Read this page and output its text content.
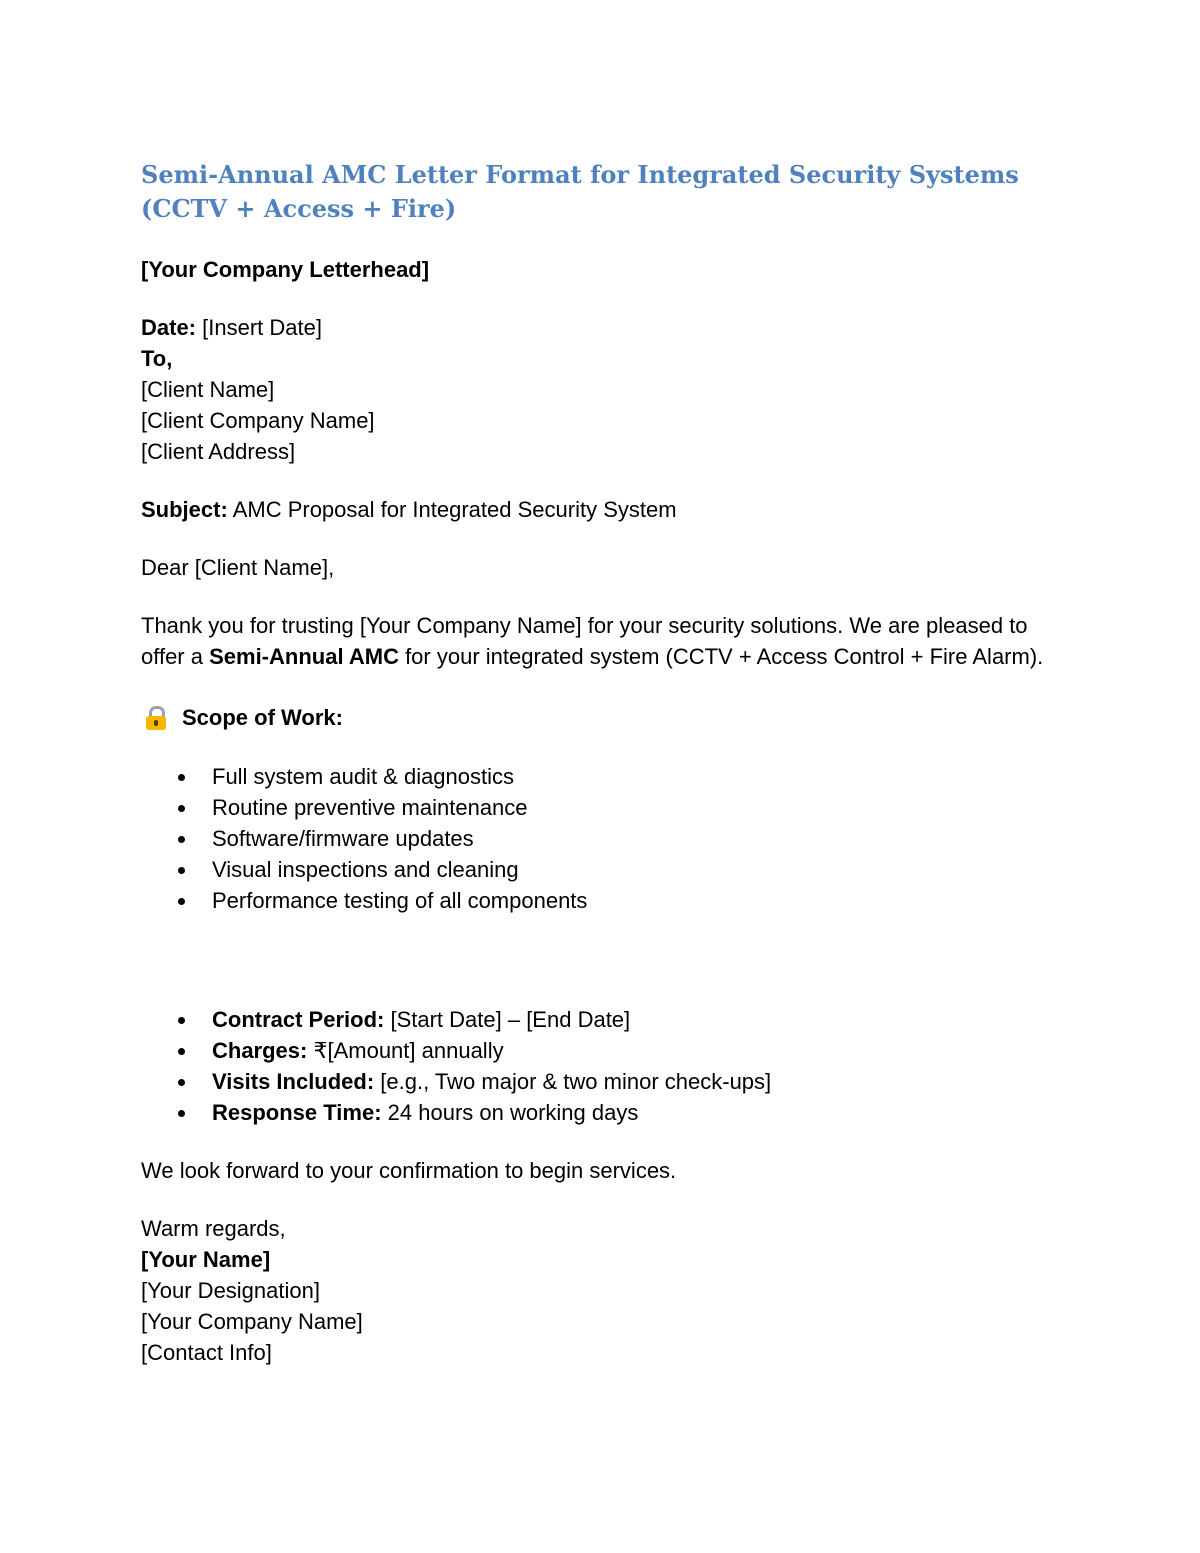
Semi-Annual AMC Letter Format for Integrated Security Systems (CCTV + Access + Fire)

[Your Company Letterhead]

Date: [Insert Date]
To,
[Client Name]
[Client Company Name]
[Client Address]

Subject: AMC Proposal for Integrated Security System

Dear [Client Name],

Thank you for trusting [Your Company Name] for your security solutions. We are pleased to offer a Semi-Annual AMC for your integrated system (CCTV + Access Control + Fire Alarm).

Scope of Work:
Full system audit & diagnostics
Routine preventive maintenance
Software/firmware updates
Visual inspections and cleaning
Performance testing of all components
Contract Period: [Start Date] – [End Date]
Charges: ₹[Amount] annually
Visits Included: [e.g., Two major & two minor check-ups]
Response Time: 24 hours on working days

We look forward to your confirmation to begin services.

Warm regards,
[Your Name]
[Your Designation]
[Your Company Name]
[Contact Info]
